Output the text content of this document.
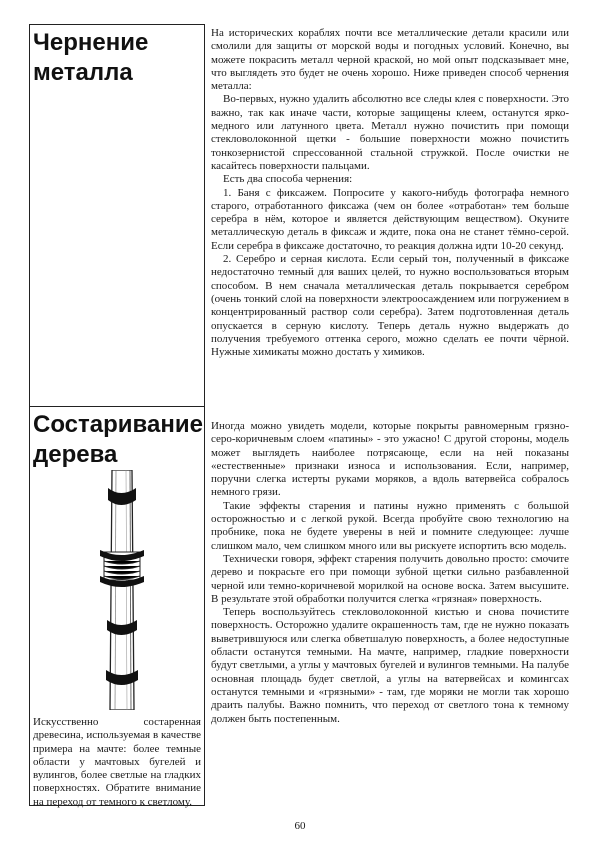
Чернение
металла
Состаривание
дерева
Искусственно состаренная древесина, используемая в качестве примера на мачте: более темные области у мачтовых бугелей и вулингов, более светлые на гладких поверхностях. Обратите внимание на переход от темного к светлому.

На исторических кораблях почти все металлические детали красили или смолили для защиты от морской воды и погодных условий. Конечно, вы можете покрасить металл черной краской, но мой опыт подсказывает мне, что выглядеть это будет не очень хорошо. Ниже приведен способ чернения металла:

Во-первых, нужно удалить абсолютно все следы клея с поверхности. Это важно, так как иначе части, которые защищены клеем, останутся ярко-медного или латунного цвета. Металл нужно почистить при помощи стекловолоконной щетки - большие поверхности можно почистить тонкозернистой спрессованной стальной стружкой. После очистки не касайтесь поверхности пальцами.

Есть два способа чернения:

1. Баня с фиксажем. Попросите у какого-нибудь фотографа немного старого, отработанного фиксажа (чем он более «отработан» тем больше серебра в нём, которое и является действующим веществом). Окуните металлическую деталь в фиксаж и ждите, пока она не станет тёмно-серой. Если серебра в фиксаже достаточно, то реакция должна идти 10-20 секунд.

2. Серебро и серная кислота. Если серый тон, полученный в фиксаже недостаточно темный для ваших целей, то нужно воспользоваться вторым способом. В нем сначала металлическая деталь покрывается серебром (очень тонкий слой на поверхности электроосаждением или погружением в концентрированный раствор соли серебра). Затем подготовленная деталь опускается в серную кислоту. Теперь деталь нужно выдержать до получения требуемого оттенка серого, можно сделать ее почти чёрной. Нужные химикаты можно достать у химиков.

Иногда можно увидеть модели, которые покрыты равномерным грязно-серо-коричневым слоем «патины» - это ужасно! С другой стороны, модель может выглядеть наиболее потрясающе, если на ней показаны «естественные» признаки износа и использования. Если, например, поручни слегка истерты руками моряков, а вдоль ватервейса собралось немного грязи.

Такие эффекты старения и патины нужно применять с большой осторожностью и с легкой рукой. Всегда пробуйте свою технологию на пробнике, пока не будете уверены в ней и помните следующее: лучше слишком мало, чем слишком много или вы рискуете испортить всю модель.

Технически говоря, эффект старения получить довольно просто: смочите дерево и покрасьте его при помощи зубной щетки сильно разбавленной черной или темно-коричневой морилкой на основе воска. Затем высушите. В результате этой обработки получится слегка «грязная» поверхность.

Теперь воспользуйтесь стекловолоконной кистью и снова почистите поверхность. Осторожно удалите окрашенность там, где не нужно показать выветрившуюся или слегка обветшалую поверхность, а более недоступные области останутся темными. На мачте, например, гладкие поверхности будут светлыми, а углы у мачтовых бугелей и вулингов темными. На палубе основная площадь будет светлой, а углы на ватервейсах и комингсах останутся темными и «грязными» - там, где моряки не могли так хорошо драить палубы. Важно помнить, что переход от светлого тона к темному должен быть постепенным.

60
